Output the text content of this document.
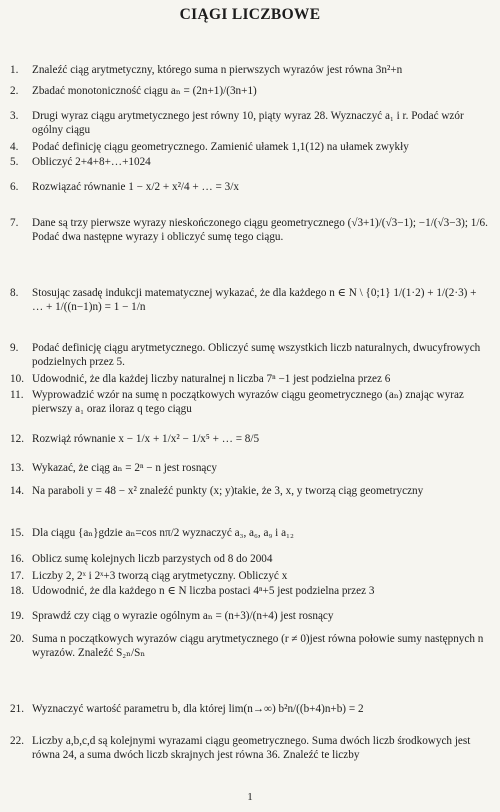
CIĄGI LICZBOWE
1.	Znaleźć ciąg arytmetyczny, którego suma n pierwszych wyrazów jest równa 3n²+n
2.	Zbadać monotoniczność ciągu aₙ = (2n+1)/(3n+1)
3.	Drugi wyraz ciągu arytmetycznego jest równy 10, piąty wyraz 28. Wyznaczyć a₁ i r. Podać wzór ogólny ciągu
4.	Podać definicję ciągu geometrycznego. Zamienić ułamek 1,1(12) na ułamek zwykły
5.	Obliczyć 2+4+8+…+1024
6.	Rozwiązać równanie 1 − x/2 + x²/4 + … = 3/x
7.	Dane są trzy pierwsze wyrazy nieskończonego ciągu geometrycznego (√3+1)/(√3−1); −1/(√3−3); 1/6. Podać dwa następne wyrazy i obliczyć sumę tego ciągu.
8.	Stosując zasadę indukcji matematycznej wykazać, że dla każdego n ∈ N \ {0;1} 1/(1·2) + 1/(2·3) + … + 1/((n−1)n) = 1 − 1/n
9.	Podać definicję ciągu arytmetycznego. Obliczyć sumę wszystkich liczb naturalnych, dwucyfrowych podzielnych przez 5.
10. Udowodnić, że dla każdej liczby naturalnej n liczba 7ⁿ −1 jest podzielna przez 6
11. Wyprowadzić wzór na sumę n początkowych wyrazów ciągu geometrycznego (aₙ) znając wyraz pierwszy a₁ oraz iloraz q tego ciągu
12. Rozwiąż równanie x − 1/x + 1/x² − 1/x⁵ + … = 8/5
13. Wykazać, że ciąg aₙ = 2ⁿ − n jest rosnący
14. Na paraboli y = 48 − x² znaleźć punkty (x; y)takie, że 3, x, y tworzą ciąg geometryczny
15. Dla ciągu {aₙ}gdzie aₙ=cos nπ/2 wyznaczyć a₃, a₆, a₉ i a₁₂
16. Oblicz sumę kolejnych liczb parzystych od 8 do 2004
17. Liczby 2, 2ˣ i 2ˣ+3 tworzą ciąg arytmetyczny. Obliczyć x
18. Udowodnić, że dla każdego n ∈ N liczba postaci 4ⁿ+5 jest podzielna przez 3
19. Sprawdź czy ciąg o wyrazie ogólnym aₙ = (n+3)/(n+4) jest rosnący
20. Suma n początkowych wyrazów ciągu arytmetycznego (r ≠ 0)jest równa połowie sumy następnych n wyrazów. Znaleźć S₂ₙ/Sₙ
21. Wyznaczyć wartość parametru b, dla której lim(n→∞) b²n/((b+4)n+b) = 2
22. Liczby a,b,c,d są kolejnymi wyrazami ciągu geometrycznego. Suma dwóch liczb środkowych jest równa 24, a suma dwóch liczb skrajnych jest równa 36. Znaleźć te liczby
1
